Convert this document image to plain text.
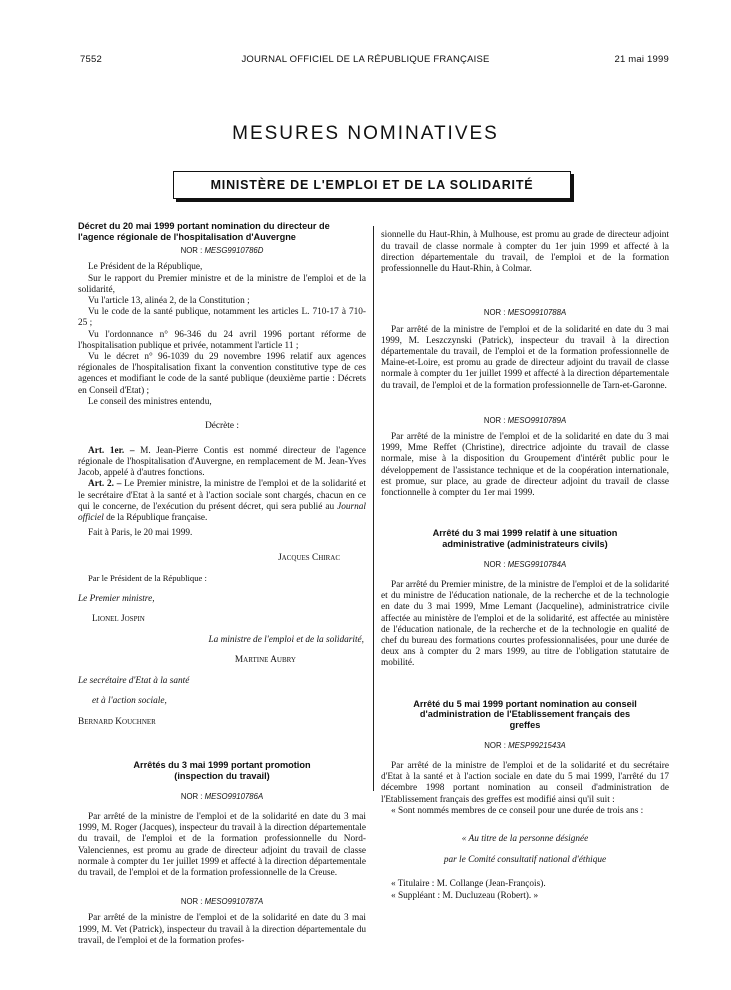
7552	JOURNAL OFFICIEL DE LA RÉPUBLIQUE FRANÇAISE	21 mai 1999
MESURES NOMINATIVES
MINISTÈRE DE L'EMPLOI ET DE LA SOLIDARITÉ

Décret du 20 mai 1999 portant nomination du directeur de l'agence régionale de l'hospitalisation d'Auvergne

NOR : MESG9910786D

Le Président de la République,

Sur le rapport du Premier ministre et de la ministre de l'emploi et de la solidarité,

Vu l'article 13, alinéa 2, de la Constitution ;

Vu le code de la santé publique, notamment les articles L. 710-17 à 710-25 ;

Vu l'ordonnance n° 96-346 du 24 avril 1996 portant réforme de l'hospitalisation publique et privée, notamment l'article 11 ;

Vu le décret n° 96-1039 du 29 novembre 1996 relatif aux agences régionales de l'hospitalisation fixant la convention constitutive type de ces agences et modifiant le code de la santé publique (deuxième partie : Décrets en Conseil d'Etat) ;

Le conseil des ministres entendu,

Décrète :

Art. 1er. – M. Jean-Pierre Contis est nommé directeur de l'agence régionale de l'hospitalisation d'Auvergne, en remplacement de M. Jean-Yves Jacob, appelé à d'autres fonctions.

Art. 2. – Le Premier ministre, la ministre de l'emploi et de la solidarité et le secrétaire d'Etat à la santé et à l'action sociale sont chargés, chacun en ce qui le concerne, de l'exécution du présent décret, qui sera publié au Journal officiel de la République française.

Fait à Paris, le 20 mai 1999.

Jacques Chirac

Par le Président de la République :

Le Premier ministre,

Lionel Jospin

La ministre de l'emploi et de la solidarité,

Martine Aubry

Le secrétaire d'Etat à la santé

et à l'action sociale,

Bernard Kouchner

Arrêtés du 3 mai 1999 portant promotion (inspection du travail)

NOR : MESO9910786A

Par arrêté de la ministre de l'emploi et de la solidarité en date du 3 mai 1999, M. Roger (Jacques), inspecteur du travail à la direction départementale du travail, de l'emploi et de la formation professionnelle du Nord-Valenciennes, est promu au grade de directeur adjoint du travail de classe normale à compter du 1er juillet 1999 et affecté à la direction départementale du travail, de l'emploi et de la formation professionnelle de la Creuse.

NOR : MESO9910787A

Par arrêté de la ministre de l'emploi et de la solidarité en date du 3 mai 1999, M. Vet (Patrick), inspecteur du travail à la direction départementale du travail, de l'emploi et de la formation profes-

sionnelle du Haut-Rhin, à Mulhouse, est promu au grade de directeur adjoint du travail de classe normale à compter du 1er juin 1999 et affecté à la direction départementale du travail, de l'emploi et de la formation professionnelle du Haut-Rhin, à Colmar.

NOR : MESO9910788A

Par arrêté de la ministre de l'emploi et de la solidarité en date du 3 mai 1999, M. Leszczynski (Patrick), inspecteur du travail à la direction départementale du travail, de l'emploi et de la formation professionnelle de Maine-et-Loire, est promu au grade de directeur adjoint du travail de classe normale à compter du 1er juillet 1999 et affecté à la direction départementale du travail, de l'emploi et de la formation professionnelle de Tarn-et-Garonne.

NOR : MESO9910789A

Par arrêté de la ministre de l'emploi et de la solidarité en date du 3 mai 1999, Mme Reffet (Christine), directrice adjointe du travail de classe normale, mise à la disposition du Groupement d'intérêt public pour le développement de l'assistance technique et de la coopération internationale, est promue, sur place, au grade de directeur adjoint du travail de classe fonctionnelle à compter du 1er mai 1999.

Arrêté du 3 mai 1999 relatif à une situation administrative (administrateurs civils)

NOR : MESG9910784A

Par arrêté du Premier ministre, de la ministre de l'emploi et de la solidarité et du ministre de l'éducation nationale, de la recherche et de la technologie en date du 3 mai 1999, Mme Lemant (Jacqueline), administratrice civile affectée au ministère de l'emploi et de la solidarité, est affectée au ministère de l'éducation nationale, de la recherche et de la technologie en qualité de chef du bureau des formations courtes professionnalisées, pour une durée de deux ans à compter du 2 mars 1999, au titre de l'obligation statutaire de mobilité.

Arrêté du 5 mai 1999 portant nomination au conseil d'administration de l'Etablissement français des greffes

NOR : MESP9921543A

Par arrêté de la ministre de l'emploi et de la solidarité et du secrétaire d'Etat à la santé et à l'action sociale en date du 5 mai 1999, l'arrêté du 17 décembre 1998 portant nomination au conseil d'administration de l'Etablissement français des greffes est modifié ainsi qu'il suit :

« Sont nommés membres de ce conseil pour une durée de trois ans :

« Au titre de la personne désignée

par le Comité consultatif national d'éthique

« Titulaire : M. Collange (Jean-François).

« Suppléant : M. Ducluzeau (Robert). »
